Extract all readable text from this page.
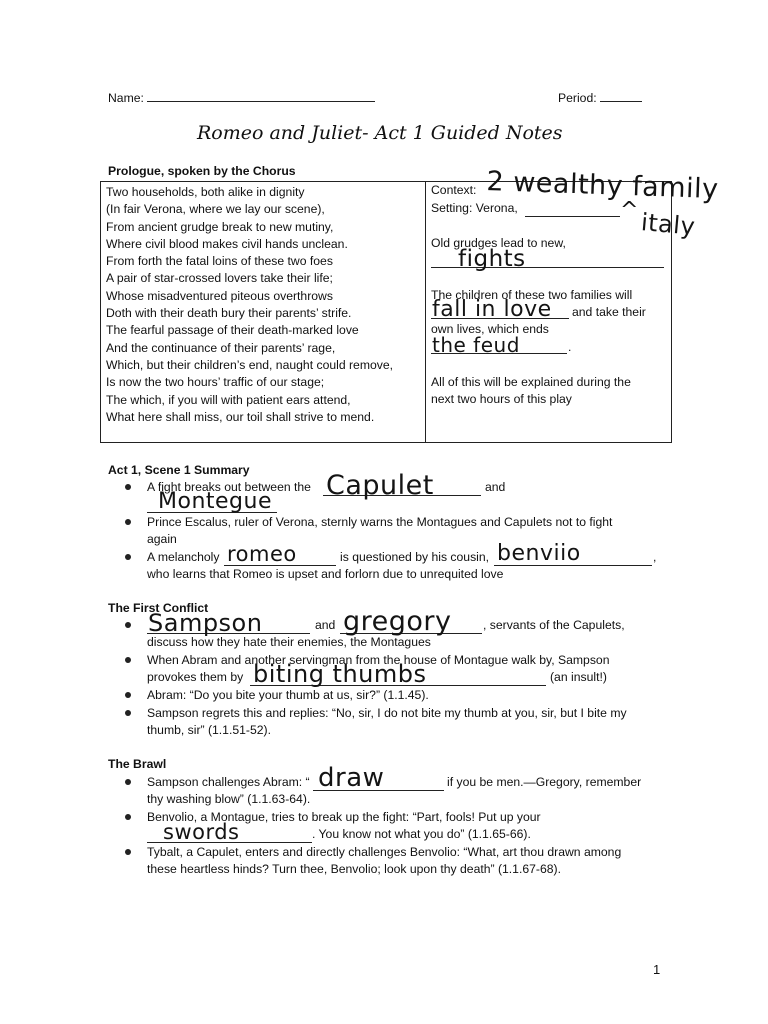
Name:	Period:
Romeo and Juliet- Act 1 Guided Notes
Prologue, spoken by the Chorus
Two households, both alike in dignity
(In fair Verona, where we lay our scene),
From ancient grudge break to new mutiny,
Where civil blood makes civil hands unclean.
From forth the fatal loins of these two foes
A pair of star-crossed lovers take their life;
Whose misadventured piteous overthrows
Doth with their death bury their parents’ strife.
The fearful passage of their death-marked love
And the continuance of their parents’ rage,
Which, but their children’s end, naught could remove,
Is now the two hours’ traffic of our stage;
The which, if you will with patient ears attend,
What here shall miss, our toil shall strive to mend.

Context: 2 wealthy family
Setting: Verona,	^ italy
Old grudges lead to new,
fights
The children of these two families will
fall in love and take their
own lives, which ends
the feud	.
All of this will be explained during the
next two hours of this play
Act 1, Scene 1 Summary
A fight breaks out between the Capulet	and
Montegue
Prince Escalus, ruler of Verona, sternly warns the Montagues and Capulets not to fight
again
A melancholy romeo	is questioned by his cousin, benviio	,
who learns that Romeo is upset and forlorn due to unrequited love
The First Conflict
Sampson	and gregory	, servants of the Capulets,
discuss how they hate their enemies, the Montagues
When Abram and another servingman from the house of Montague walk by, Sampson
provokes them by biting thumbs	(an insult!)
Abram: “Do you bite your thumb at us, sir?” (1.1.45).
Sampson regrets this and replies: “No, sir, I do not bite my thumb at you, sir, but I bite my
thumb, sir” (1.1.51-52).
The Brawl
Sampson challenges Abram: “ draw	if you be men.—Gregory, remember
thy washing blow” (1.1.63-64).
Benvolio, a Montague, tries to break up the fight: “Part, fools! Put up your
swords	. You know not what you do” (1.1.65-66).
Tybalt, a Capulet, enters and directly challenges Benvolio: “What, art thou drawn among
these heartless hinds? Turn thee, Benvolio; look upon thy death” (1.1.67-68).
1
